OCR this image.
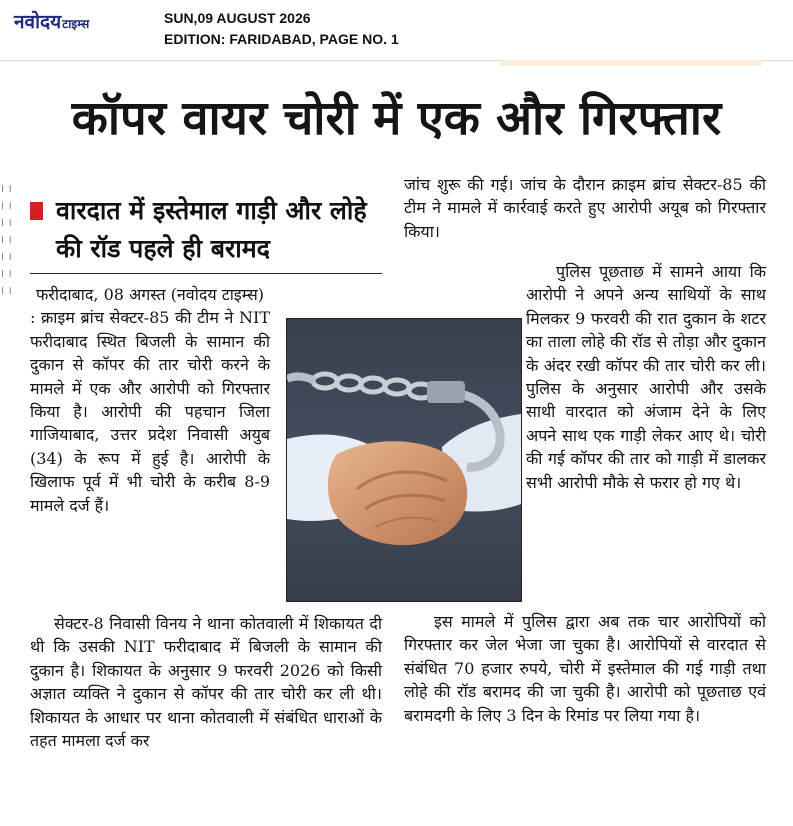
नवोदय टाइम्स	SUN,09 AUGUST 2026
EDITION: FARIDABAD, PAGE NO. 1
कॉपर वायर चोरी में एक और गिरफ्तार
। । । । । । । । । । । । । ।
वारदात में इस्तेमाल गाड़ी और लोहे की रॉड पहले ही बरामद
फरीदाबाद, 08 अगस्त (नवोदय टाइम्स)
: क्राइम ब्रांच सेक्टर-85 की टीम ने NIT फरीदाबाद स्थित बिजली के सामान की दुकान से कॉपर की तार चोरी करने के मामले में एक और आरोपी को गिरफ्तार किया है। आरोपी की पहचान जिला गाजियाबाद, उत्तर प्रदेश निवासी अयुब (34) के रूप में हुई है। आरोपी के खिलाफ पूर्व में भी चोरी के करीब 8-9 मामले दर्ज हैं।
सेक्टर-8 निवासी विनय ने थाना कोतवाली में शिकायत दी थी कि उसकी NIT फरीदाबाद में बिजली के सामान की दुकान है। शिकायत के अनुसार 9 फरवरी 2026 को किसी अज्ञात व्यक्ति ने दुकान से कॉपर की तार चोरी कर ली थी। शिकायत के आधार पर थाना कोतवाली में संबंधित धाराओं के तहत मामला दर्ज कर
जांच शुरू की गई। जांच के दौरान क्राइम ब्रांच सेक्टर-85 की टीम ने मामले में कार्रवाई करते हुए आरोपी अयूब को गिरफ्तार किया।
पुलिस पूछताछ में सामने आया कि आरोपी ने अपने अन्य साथियों के साथ मिलकर 9 फरवरी की रात दुकान के शटर का ताला लोहे की रॉड से तोड़ा और दुकान के अंदर रखी कॉपर की तार चोरी कर ली। पुलिस के अनुसार आरोपी और उसके साथी वारदात को अंजाम देने के लिए अपने साथ एक गाड़ी लेकर आए थे। चोरी की गई कॉपर की तार को गाड़ी में डालकर सभी आरोपी मौके से फरार हो गए थे।
इस मामले में पुलिस द्वारा अब तक चार आरोपियों को गिरफ्तार कर जेल भेजा जा चुका है। आरोपियों से वारदात से संबंधित 70 हजार रुपये, चोरी में इस्तेमाल की गई गाड़ी तथा लोहे की रॉड बरामद की जा चुकी है। आरोपी को पूछताछ एवं बरामदगी के लिए 3 दिन के रिमांड पर लिया गया है।
